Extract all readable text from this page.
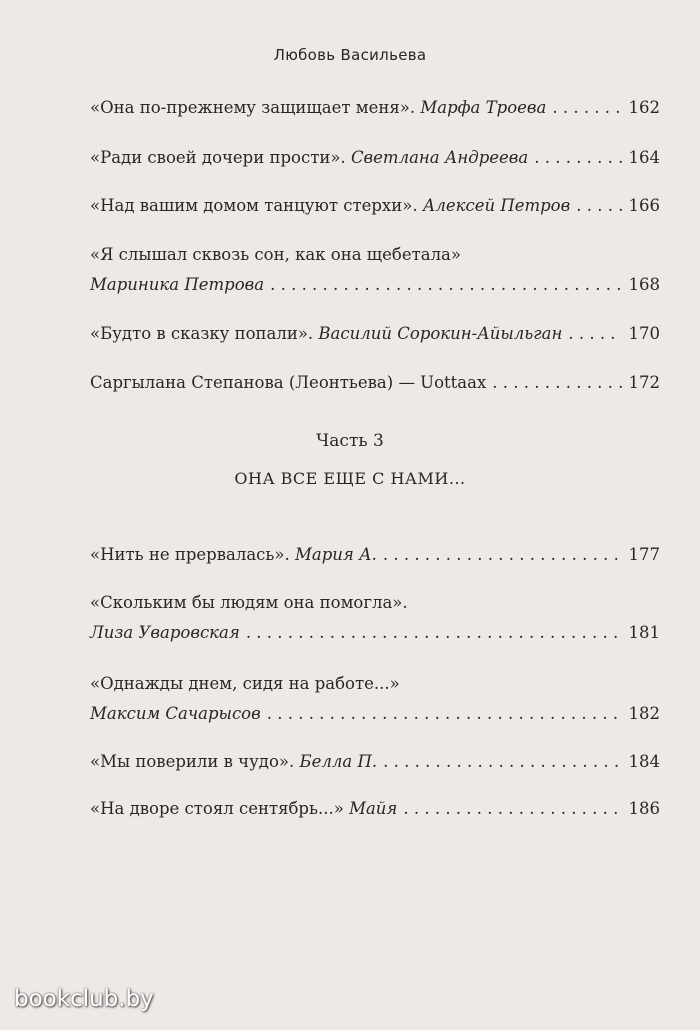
Любовь Васильева
«Она по-прежнему защищает меня». Марфа Троева . . .	162
«Ради своей дочери прости». Светлана Андреева . . .	164
«Над вашим домом танцуют стерхи». Алексей Петров . . .	166
«Я слышал сквозь сон, как она щебетала»
Мариника Петрова . . .	168
«Будто в сказку попали». Василий Сорокин-Айыльган . . .	170
Саргылана Степанова (Леонтьева) — Uottaax . . .	172
Часть 3
ОНА ВСЕ ЕЩЕ С НАМИ...
«Нить не прервалась». Мария А. . . .	177
«Скольким бы людям она помогла».
Лиза Уваровская . . .	181
«Однажды днем, сидя на работе...»
Максим Сачарысов . . .	182
«Мы поверили в чудо». Белла П. . . .	184
«На дворе стоял сентябрь...» Майя . . .	186
bookclub.by
